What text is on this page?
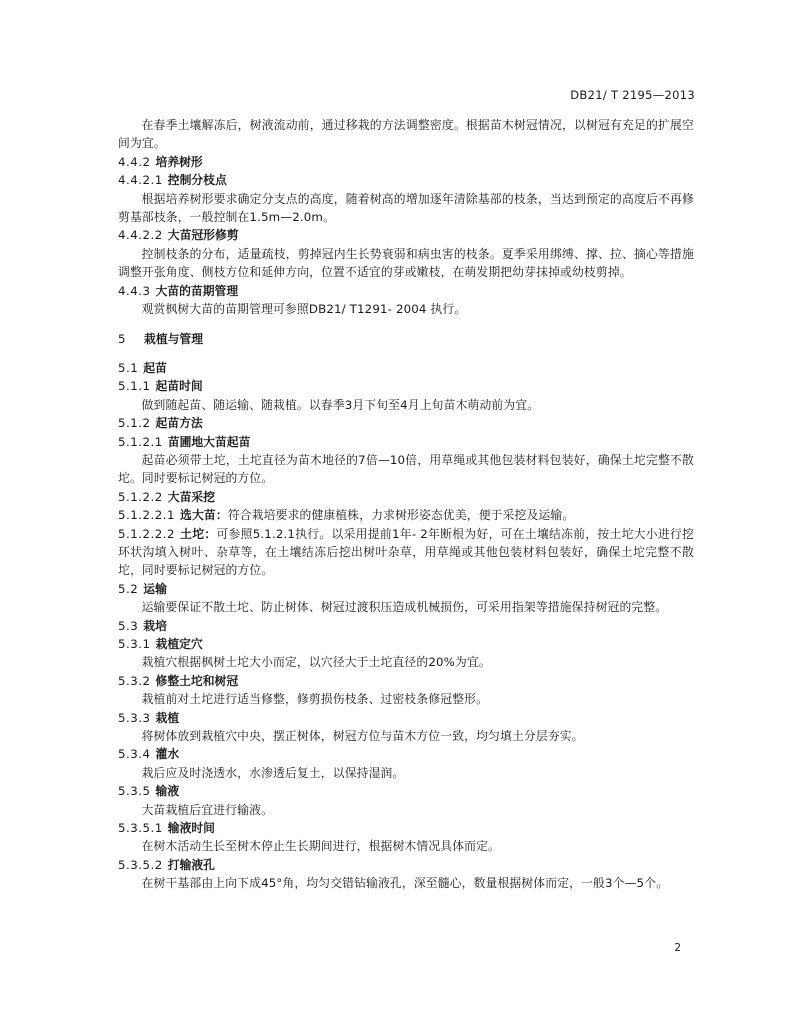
DB21/ T 2195—2013

在春季土壤解冻后，树液流动前，通过移栽的方法调整密度。根据苗木树冠情况，以树冠有充足的扩展空间为宜。

4.4.2 培养树形

4.4.2.1 控制分枝点

根据培养树形要求确定分支点的高度，随着树高的增加逐年清除基部的枝条，当达到预定的高度后不再修剪基部枝条，一般控制在1.5m—2.0m。

4.4.2.2 大苗冠形修剪

控制枝条的分布，适量疏枝，剪掉冠内生长势衰弱和病虫害的枝条。夏季采用绑缚、撑、拉、摘心等措施调整开张角度、侧枝方位和延伸方向，位置不适宜的芽或嫩枝，在萌发期把幼芽抹掉或幼枝剪掉。

4.4.3 大苗的苗期管理

观赏枫树大苗的苗期管理可参照DB21/ T1291- 2004 执行。

5 栽植与管理

5.1 起苗

5.1.1 起苗时间

做到随起苗、随运输、随栽植。以春季3月下旬至4月上旬苗木萌动前为宜。

5.1.2 起苗方法

5.1.2.1 苗圃地大苗起苗

起苗必须带土坨，土坨直径为苗木地径的7倍—10倍，用草绳或其他包装材料包装好，确保土坨完整不散坨。同时要标记树冠的方位。

5.1.2.2 大苗采挖

5.1.2.2.1 选大苗：符合栽培要求的健康植株，力求树形姿态优美，便于采挖及运输。

5.1.2.2.2 土坨：可参照5.1.2.1执行。以采用提前1年- 2年断根为好，可在土壤结冻前，按土坨大小进行挖环状沟填入树叶、杂草等，在土壤结冻后挖出树叶杂草，用草绳或其他包装材料包装好，确保土坨完整不散坨，同时要标记树冠的方位。

5.2 运输

运输要保证不散土坨、防止树体、树冠过渡积压造成机械损伤，可采用指架等措施保持树冠的完整。

5.3 栽培

5.3.1 栽植定穴

栽植穴根据枫树土坨大小而定，以穴径大于土坨直径的20%为宜。

5.3.2 修整土坨和树冠

栽植前对土坨进行适当修整，修剪损伤枝条、过密枝条修冠整形。

5.3.3 栽植

将树体放到栽植穴中央，摆正树体，树冠方位与苗木方位一致，均匀填土分层夯实。

5.3.4 灌水

栽后应及时浇透水，水渗透后复土，以保持湿润。

5.3.5 输液

大苗栽植后宜进行输液。

5.3.5.1 输液时间

在树木活动生长至树木停止生长期间进行，根据树木情况具体而定。

5.3.5.2 打输液孔

在树干基部由上向下成45°角，均匀交错钻输液孔，深至髓心，数量根据树体而定，一般3个—5个。

2
